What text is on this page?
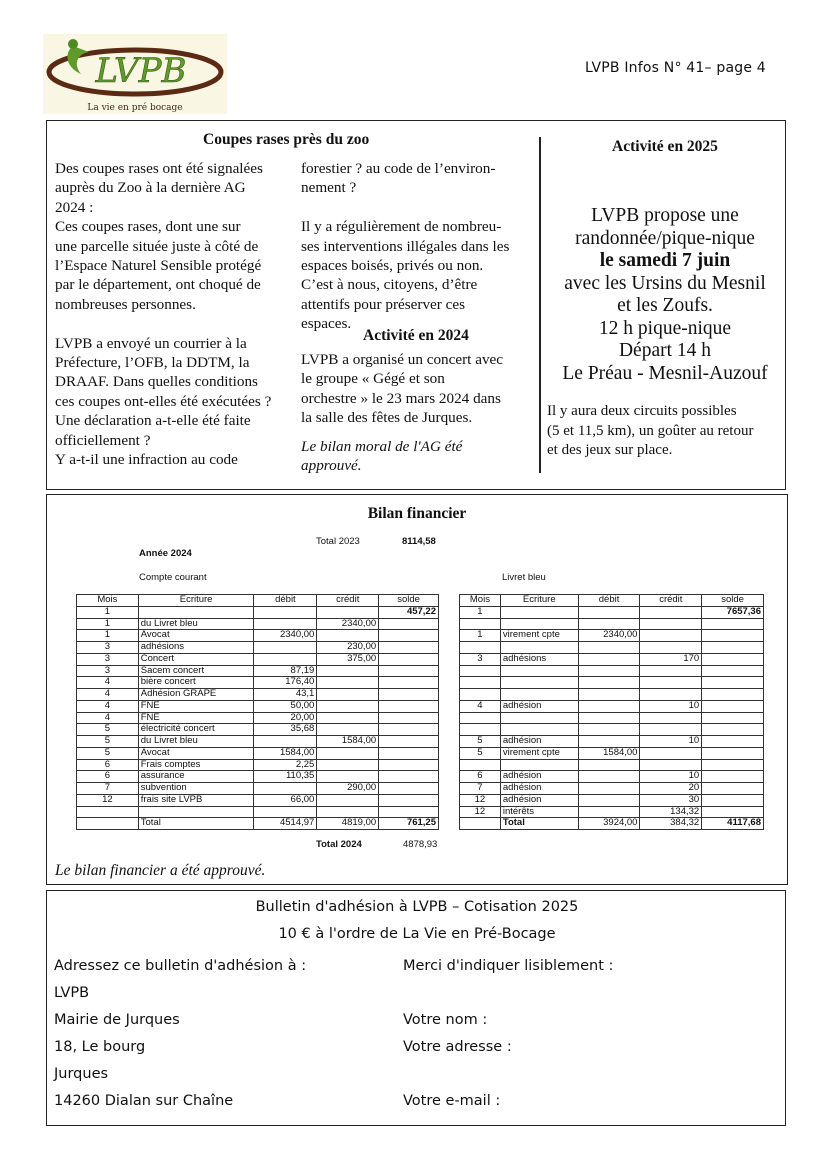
LVPB
La vie en pré bocage
LVPB Infos N° 41– page 4
Coupes rases près du zoo
Des coupes rases ont été signalées
auprès du Zoo à la dernière AG
2024 :
Ces coupes rases, dont une sur
une parcelle située juste à côté de
l’Espace Naturel Sensible protégé
par le département, ont choqué de
nombreuses personnes.

LVPB a envoyé un courrier à la
Préfecture, l’OFB, la DDTM, la
DRAAF. Dans quelles conditions
ces coupes ont-elles été exécutées ?
Une déclaration a-t-elle été faite
officiellement ?
Y a-t-il une infraction au code
forestier ? au code de l’environ-
nement ?

Il y a régulièrement de nombreu-
ses interventions illégales dans les
espaces boisés, privés ou non.
C’est à nous, citoyens, d’être
attentifs pour préserver ces
espaces.
Activité en 2024
LVPB a organisé un concert avec
le groupe « Gégé et son
orchestre » le 23 mars 2024 dans
la salle des fêtes de Jurques.
Le bilan moral de l'AG été
approuvé.
Activité en 2025
LVPB propose une
randonnée/pique-nique
le samedi 7 juin
avec les Ursins du Mesnil
et les Zoufs.
12 h pique-nique
Départ 14 h
Le Préau - Mesnil-Auzouf
Il y aura deux circuits possibles
(5 et 11,5 km), un goûter au retour
et des jeux sur place.
Bilan financier
Total 2023	8114,58
Année 2024
Compte courant	Livret bleu
Mois	Ecriture	débit	crédit	solde
1				457,22
1	du Livret bleu		2340,00	
1	Avocat	2340,00		
3	adhésions		230,00	
3	Concert		375,00	
3	Sacem concert	87,19		
4	bière concert	176,40		
4	Adhésion GRAPE	43,1		
4	FNE	50,00		
4	FNE	20,00		
5	électricité concert	35,68		
5	du Livret bleu		1584,00	
5	Avocat	1584,00		
6	Frais comptes	2,25		
6	assurance	110,35		
7	subvention		290,00	
12	frais site LVPB	66,00		

	Total	4514,97	4819,00	761,25
Mois	Ecriture	débit	crédit	solde
1				7657,36

1	virement cpte	2340,00		

3	adhésions		170	

4	adhésion		10	

5	adhésion		10	
5	virement cpte	1584,00		

6	adhésion		10	
7	adhésion		20	
12	adhésion		30	
12	intérêts		134,32	
	Total	3924,00	384,32	4117,68
Total 2024	4878,93
Le bilan financier a été approuvé.
Bulletin d'adhésion à LVPB – Cotisation 2025
10 € à l'ordre de La Vie en Pré-Bocage
Adressez ce bulletin d'adhésion à :
LVPB
Mairie de Jurques
18, Le bourg
Jurques
14260 Dialan sur Chaîne
Merci d'indiquer lisiblement :

Votre nom :
Votre adresse :

Votre e-mail :
